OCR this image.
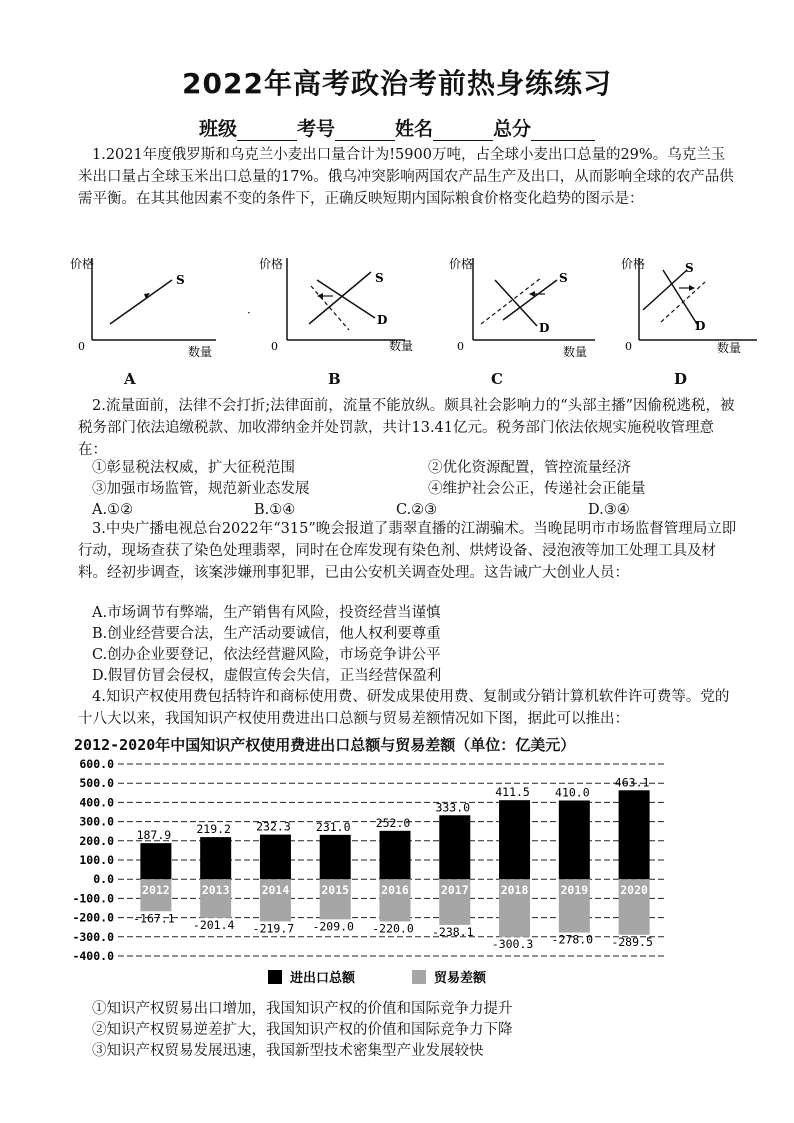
2022年高考政治考前热身练练习
班级	考号	姓名	总分
1.2021年度俄罗斯和乌克兰小麦出口量合计为!5900万吨，占全球小麦出口总量的29%。乌克兰玉米出口量占全球玉米出口总量的17%。俄乌冲突影响两国农产品生产及出口，从而影响全球的农产品供需平衡。在其其他因素不变的条件下，正确反映短期内国际粮食价格变化趋势的图示是：
价格
0	数量
S
A
·
价格
0	数量
S
D
B
价格
0	数量
S
D
C
价格
0	数量
S
D
D
2.流量面前，法律不会打折;法律面前，流量不能放纵。颇具社会影响力的“头部主播”因偷税逃税，被税务部门依法追缴税款、加收滞纳金并处罚款，共计13.41亿元。税务部门依法依规实施税收管理意在：
①彰显税法权威，扩大征税范围	②优化资源配置，管控流量经济
③加强市场监管，规范新业态发展	④维护社会公正，传递社会正能量
A.①②	B.①④	C.②③	D.③④
3.中央广播电视总台2022年“315”晚会报道了翡翠直播的江湖骗术。当晚昆明市市场监督管理局立即行动，现场查获了染色处理翡翠，同时在仓库发现有染色剂、烘烤设备、浸泡液等加工处理工具及材料。经初步调查，该案涉嫌刑事犯罪，已由公安机关调查处理。这告诫广大创业人员：
A.市场调节有弊端，生产销售有风险，投资经营当谨慎
B.创业经营要合法，生产活动要诚信，他人权利要尊重
C.创办企业要登记，依法经营避风险，市场竞争讲公平
D.假冒仿冒会侵权，虚假宣传会失信，正当经营保盈利
4.知识产权使用费包括特许和商标使用费、研发成果使用费、复制或分销计算机软件许可费等。党的十八大以来，我国知识产权使用费进出口总额与贸易差额情况如下图，据此可以推出：
2012-2020年中国知识产权使用费进出口总额与贸易差额（单位：亿美元）
600.0
500.0
400.0
300.0
200.0
100.0
0.0
-100.0
-200.0
-300.0
-400.0
2012
187.9
-167.1
2013
219.2
-201.4
2014
232.3
-219.7
2015
231.0
-209.0
2016
252.0
-220.0
2017
333.0
-238.1
2018
411.5
-300.3
2019
410.0
-278.0
2020
463.1
-289.5
进出口总额	贸易差额
①知识产权贸易出口增加，我国知识产权的价值和国际竞争力提升
②知识产权贸易逆差扩大，我国知识产权的价值和国际竞争力下降
③知识产权贸易发展迅速，我国新型技术密集型产业发展较快
